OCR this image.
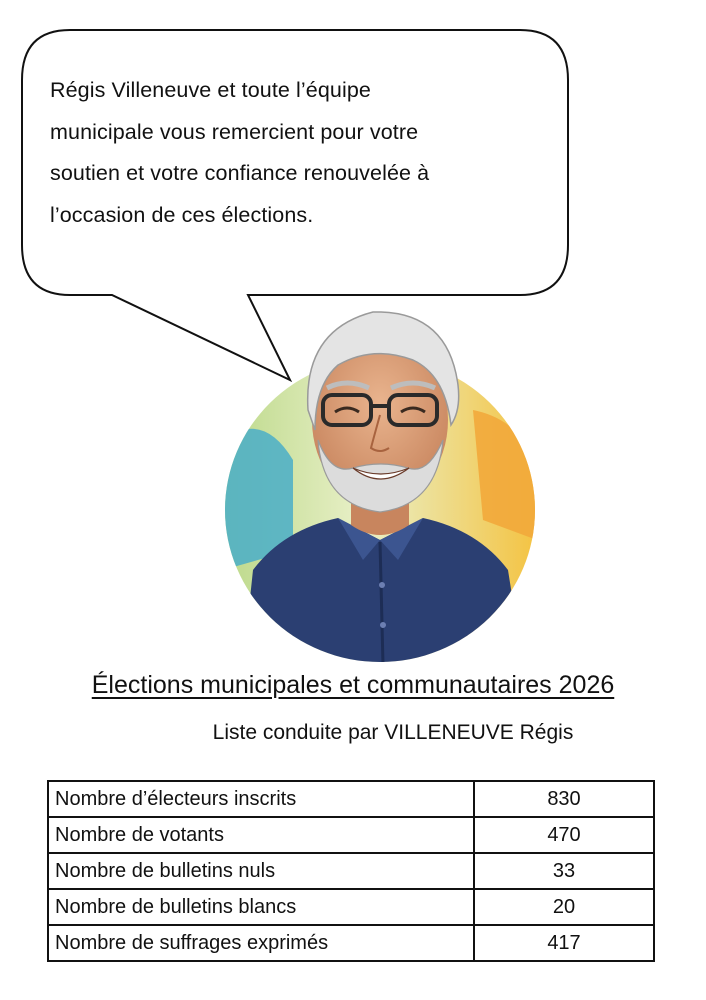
Régis Villeneuve et toute l’équipe
municipale vous remercient pour votre
soutien et votre confiance renouvelée à
l’occasion de ces élections.
Élections municipales et communautaires 2026
Liste conduite par VILLENEUVE Régis
Nombre d’électeurs inscrits	830
Nombre de votants	470
Nombre de bulletins nuls	33
Nombre de bulletins blancs	20
Nombre de suffrages exprimés	417
